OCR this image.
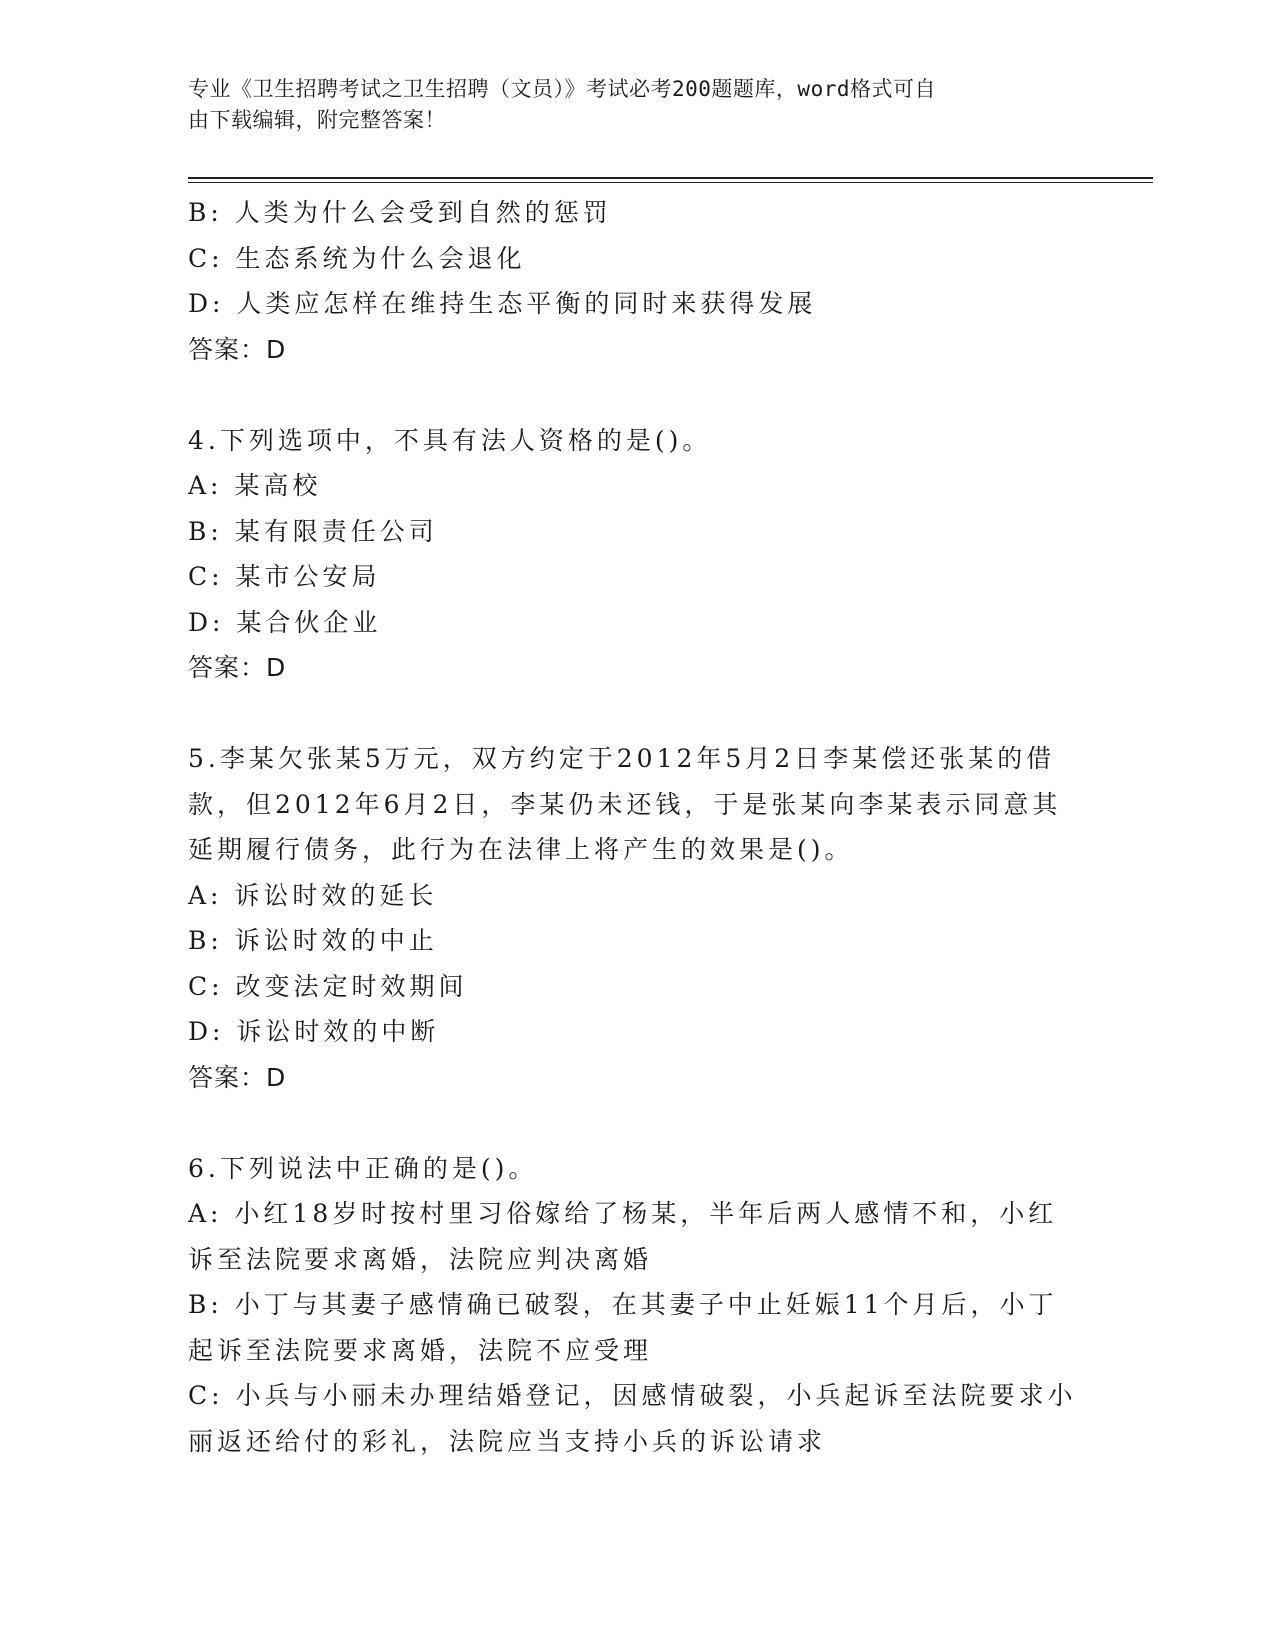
专业《卫生招聘考试之卫生招聘（文员）》考试必考200题题库，word格式可自
由下载编辑，附完整答案！
B: 人类为什么会受到自然的惩罚
C: 生态系统为什么会退化
D: 人类应怎样在维持生态平衡的同时来获得发展
答案：D
4.下列选项中，不具有法人资格的是()。
A: 某高校
B: 某有限责任公司
C: 某市公安局
D: 某合伙企业
答案：D
5.李某欠张某5万元，双方约定于2012年5月2日李某偿还张某的借
款，但2012年6月2日，李某仍未还钱，于是张某向李某表示同意其
延期履行债务，此行为在法律上将产生的效果是()。
A: 诉讼时效的延长
B: 诉讼时效的中止
C: 改变法定时效期间
D: 诉讼时效的中断
答案：D
6.下列说法中正确的是()。
A: 小红18岁时按村里习俗嫁给了杨某，半年后两人感情不和，小红
诉至法院要求离婚，法院应判决离婚
B: 小丁与其妻子感情确已破裂，在其妻子中止妊娠11个月后，小丁
起诉至法院要求离婚，法院不应受理
C: 小兵与小丽未办理结婚登记，因感情破裂，小兵起诉至法院要求小
丽返还给付的彩礼，法院应当支持小兵的诉讼请求
